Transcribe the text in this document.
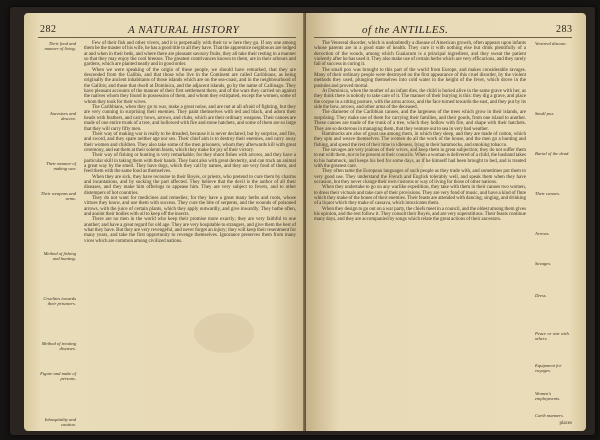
282	A NATURAL HISTORY
Their food and manner of living.
Ancestors and descent.
Their manner of making war.
Their weapons and arms.
Method of fishing and hunting.
Cruelties towards their prisoners.
Method of treating diseases.
Figure and make of persons.
Inhospitality and caution.

Few of their fish and other vivers, and it is perpetually with their to w here they go. If any one among them be the master of his wife, he has a good title to all they have. That the apprentice neighbours are lodged at and when in their beds, and where there are pleasant savoury fruits, they all take their resting in a manner so that they may enjoy the cool breezes. The greatest contrivances known to them, are in their arbours and gardens, which are planted neatly and in good order.

When we were speaking of the origin of these people, we should have remarked, that they are descended from the Galibis, and that those who live in the Continent are called Caribbians, as being originally the ancient inhabitants of those islands which are on the sea-coast, and in the neighbourhood of the Galibis; and those that dwell at Dominica, and the adjacent islands, go by the name of Callinago. They have pleasant accounts of the manner of their first settlement there, and of the wars they carried on against the natives whom they found in possession of them, and whom they extirpated, except the women, some of whom they took for their wives.

The Caribbians, when they go to war, make a great noise, and are not at all afraid of fighting, but they are very cunning in surprising their enemies. They paint themselves with red and black, and adorn their heads with feathers, and carry bows, arrows, and clubs, which are their ordinary weapons. Their canoes are made of one entire trunk of a tree, and hollowed with fire and stone hatchets, and some of them are so large that they will carry fifty men.

Their way of making war is really to be dreaded, because it is never declared, but by surprize, and fire, and sword, and they spare neither age nor sex. Their chief aim is to destroy their enemies, and carry away their women and children. They also take some of the men prisoners, whom they afterwards kill with great ceremony, and eat them at their solemn feasts, which they make for joy of their victory.

Their way of fishing or hunting is very remarkable; for they shoot fishes with arrows, and they have a particular skill in taking them with their hands. They hunt also with great dexterity, and can track an animal a great way by the smell. They have dogs, which they call by names, and they are very fond of them, and feed them with the same food as themselves.

When they are sick, they have recourse to their Boyés, or priests, who pretend to cure them by charms and incantations, and by sucking the part affected. They believe that the devil is the author of all their diseases, and they make him offerings to appease him. They are very subject to fevers, and to other distempers of hot countries.

They do not want for medicines and remedies; for they have a great many herbs and roots, whose virtues they know, and use them with success. They cure the bite of serpents, and the wounds of poisoned arrows, with the juice of certain plants, which they apply outwardly, and give inwardly. They bathe often, and anoint their bodies with oil to keep off the insects.

There are no men in the world who keep their promise more exactly; they are very faithful to one another; and have a great regard for old age. They are very hospitable to strangers, and give them the best of what they have. But they are very revengeful, and never forget an injury; they will keep their resentment for many years, and take the first opportunity to revenge themselves. Ignorance preserves them from many vices which are common among civilized nations.

of the ANTILLES.	283

The Venereal disorder, which is undoubtedly a disease of American growth, often appears upon infants whose parents are in a good state of health. They cure it with nothing else but drink plentifully of a decoction of the woods, among which Guaiacum is a principal ingredient, and they sweat the patient violently after he has used it. They also make use of certain herbs which are very efficacious, and they rarely fail of success in curing it.

The small pox was brought to this part of the world from Europe, and makes considerable ravages. Many of their ordinary people were destroyed on the first appearance of this cruel disorder, by the violent methods they used, plunging themselves into cold water in the height of the fever, which drove in the pustules and proved mortal.

At Dominica, when the mother of an infant dies, the child is buried alive in the same grave with her, as they think there is nobody to take care of it. The manner of their burying is this: they dig a grave, and place the corpse in a sitting posture, with the arms across, and the face turned towards the east, and they put by its side the bow, arrows, and other arms of the deceased.

The diameter of the Caribbian canoes, and the largeness of the trees which grow in their islands, are surprising. They make use of them for carrying their families, and their goods, from one island to another. These canoes are made of the trunk of a tree, which they hollow with fire, and shape with their hatchets. They are so dexterous in managing them, that they venture out to sea in very bad weather.

Hammocks are also of great use among them, in which they sleep, and they are made of cotton, which they spin and weave themselves. The women do all the work of the house, and the men go a hunting and fishing, and spend the rest of their time in idleness, lying in their hammocks, and smoking tobacco.

The savages are very jealous of their wives, and keep them in great subjection; they do not suffer them to eat with them, nor to be present at their councils. When a woman is delivered of a child, the husband takes to his hammock, and keeps his bed for some days, as if he himself had been brought to bed, and is treated with the greatest care.

They often tame the European languages of such people as they trade with, and sometimes put them to very good use. They understand the French and English tolerably well, and speak them when they have occasion, but they never change their own customs or way of living for those of other nations.

When they undertake to go on any warlike expedition, they take with them in their canoes two women, to dress their victuals and take care of their provisions. They are very fond of music, and have a kind of flute which they make of the bones of their enemies. Their feasts are attended with dancing, singing, and drinking of a liquor which they make of cassava, which intoxicates them.

When they design to go out on a war party, the chiefs meet in a council, and the oldest among them gives his opinion, and the rest follow it. They consult their Boyés, and are very superstitious. Their feasts continue many days, and they are accompanied by songs which relate the great actions of their ancestors.

Venereal disease.
Small pox.
Burial of the dead.
Their canoes.
Arrows.
Savages.
Dress.
Peace or war with others.
Equipment for voyages.
Women's employments.
Carib manners.
places
